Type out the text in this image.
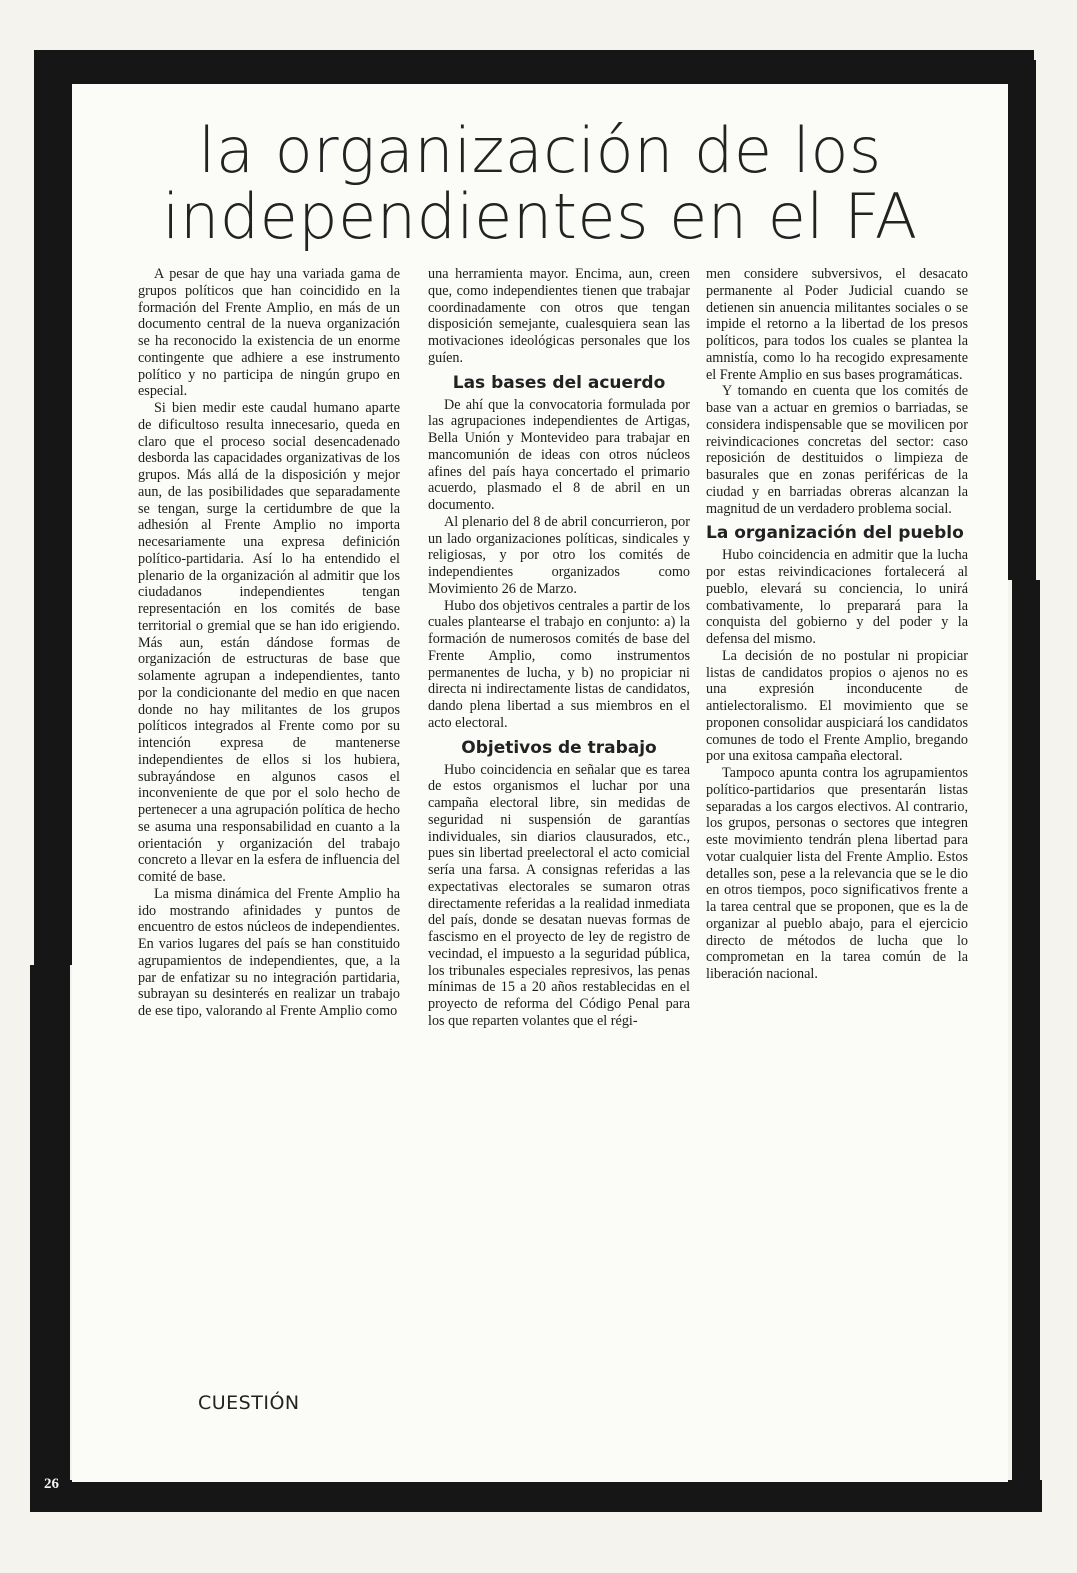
la organización de los
independientes en el FA

A pesar de que hay una variada gama de grupos políticos que han coincidido en la formación del Frente Amplio, en más de un documento central de la nueva organización se ha reconocido la existencia de un enorme contingente que adhiere a ese instrumento político y no participa de ningún grupo en especial.

Si bien medir este caudal humano aparte de dificultoso resulta innecesario, queda en claro que el proceso social desencadenado desborda las capacidades organizativas de los grupos. Más allá de la disposición y mejor aun, de las posibilidades que separadamente se tengan, surge la certidumbre de que la adhesión al Frente Amplio no importa necesariamente una expresa definición político-partidaria. Así lo ha entendido el plenario de la organización al admitir que los ciudadanos independientes tengan representación en los comités de base territorial o gremial que se han ido erigiendo. Más aun, están dándose formas de organización de estructuras de base que solamente agrupan a independientes, tanto por la condicionante del medio en que nacen donde no hay militantes de los grupos políticos integrados al Frente como por su intención expresa de mantenerse independientes de ellos si los hubiera, subrayándose en algunos casos el inconveniente de que por el solo hecho de pertenecer a una agrupación política de hecho se asuma una responsabilidad en cuanto a la orientación y organización del trabajo concreto a llevar en la esfera de influencia del comité de base.

La misma dinámica del Frente Amplio ha ido mostrando afinidades y puntos de encuentro de estos núcleos de independientes. En varios lugares del país se han constituido agrupamientos de independientes, que, a la par de enfatizar su no integración partidaria, subrayan su desinterés en realizar un trabajo de ese tipo, valorando al Frente Amplio como

una herramienta mayor. Encima, aun, creen que, como independientes tienen que trabajar coordinadamente con otros que tengan disposición semejante, cualesquiera sean las motivaciones ideológicas personales que los guíen.

Las bases del acuerdo

De ahí que la convocatoria formulada por las agrupaciones independientes de Artigas, Bella Unión y Montevideo para trabajar en mancomunión de ideas con otros núcleos afines del país haya concertado el primario acuerdo, plasmado el 8 de abril en un documento.

Al plenario del 8 de abril concurrieron, por un lado organizaciones políticas, sindicales y religiosas, y por otro los comités de independientes organizados como Movimiento 26 de Marzo.

Hubo dos objetivos centrales a partir de los cuales plantearse el trabajo en conjunto: a) la formación de numerosos comités de base del Frente Amplio, como instrumentos permanentes de lucha, y b) no propiciar ni directa ni indirectamente listas de candidatos, dando plena libertad a sus miembros en el acto electoral.

Objetivos de trabajo

Hubo coincidencia en señalar que es tarea de estos organismos el luchar por una campaña electoral libre, sin medidas de seguridad ni suspensión de garantías individuales, sin diarios clausurados, etc., pues sin libertad preelectoral el acto comicial sería una farsa. A consignas referidas a las expectativas electorales se sumaron otras directamente referidas a la realidad inmediata del país, donde se desatan nuevas formas de fascismo en el proyecto de ley de registro de vecindad, el impuesto a la seguridad pública, los tribunales especiales represivos, las penas mínimas de 15 a 20 años restablecidas en el proyecto de reforma del Código Penal para los que reparten volantes que el régi-

men considere subversivos, el desacato permanente al Poder Judicial cuando se detienen sin anuencia militantes sociales o se impide el retorno a la libertad de los presos políticos, para todos los cuales se plantea la amnistía, como lo ha recogido expresamente el Frente Amplio en sus bases programáticas.

Y tomando en cuenta que los comités de base van a actuar en gremios o barriadas, se considera indispensable que se movilicen por reivindicaciones concretas del sector: caso reposición de destituidos o limpieza de basurales que en zonas periféricas de la ciudad y en barriadas obreras alcanzan la magnitud de un verdadero problema social.

La organización del pueblo

Hubo coincidencia en admitir que la lucha por estas reivindicaciones fortalecerá al pueblo, elevará su conciencia, lo unirá combativamente, lo preparará para la conquista del gobierno y del poder y la defensa del mismo.

La decisión de no postular ni propiciar listas de candidatos propios o ajenos no es una expresión inconducente de antielectoralismo. El movimiento que se proponen consolidar auspiciará los candidatos comunes de todo el Frente Amplio, bregando por una exitosa campaña electoral.

Tampoco apunta contra los agrupamientos político-partidarios que presentarán listas separadas a los cargos electivos. Al contrario, los grupos, personas o sectores que integren este movimiento tendrán plena libertad para votar cualquier lista del Frente Amplio. Estos detalles son, pese a la relevancia que se le dio en otros tiempos, poco significativos frente a la tarea central que se proponen, que es la de organizar al pueblo abajo, para el ejercicio directo de métodos de lucha que lo comprometan en la tarea común de la liberación nacional.

CUESTIÓN

26
